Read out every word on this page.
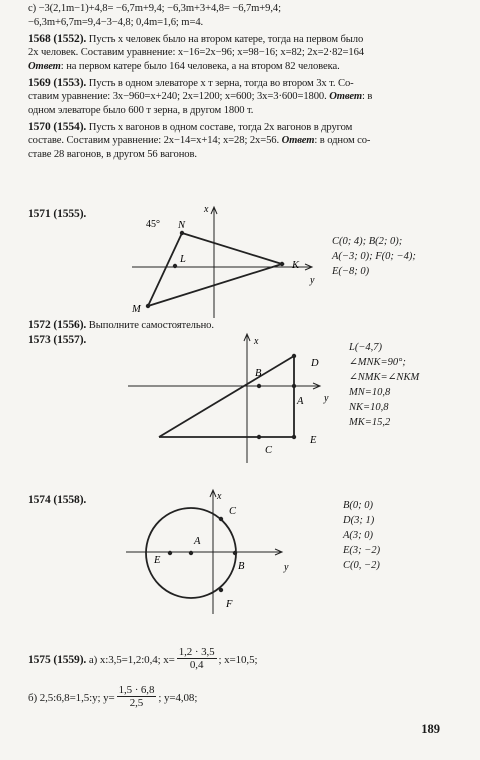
с) −3(2,1m−1)+4,8= −6,7m+9,4; −6,3m+3+4,8= −6,7m+9,4;
−6,3m+6,7m=9,4−3−4,8; 0,4m=1,6; m=4.
1568 (1552). Пусть x человек было на втором катере, тогда на первом было
2x человек. Составим уравнение: x−16=2x−96; x=98−16; x=82; 2x=2·82=164
Ответ: на первом катере было 164 человека, а на втором 82 человека.
1569 (1553). Пусть в одном элеваторе x т зерна, тогда во втором 3x т. Со-
ставим уравнение: 3x−960=x+240; 2x=1200; x=600; 3x=3·600=1800. Ответ: в
одном элеваторе было 600 т зерна, в другом 1800 т.
1570 (1554). Пусть x вагонов в одном составе, тогда 2x вагонов в другом
составе. Составим уравнение: 2x−14=x+14; x=28; 2x=56. Ответ: в одном со-
ставе 28 вагонов, в другом 56 вагонов.
1571 (1555).
45° N
L
K
M
x
y
C(0; 4); B(2; 0);
A(−3; 0); F(0; −4);
E(−8; 0)
1572 (1556). Выполните самостоятельно.
1573 (1557).
D
B
A
C
E
x
y
L(−4,7)
∠MNK=90°;
∠NMK=∠NKM
MN=10,8
NK=10,8
MK=15,2
1574 (1558).
C
A
E
B
F
x
y
B(0; 0)
D(3; 1)
A(3; 0)
E(3; −2)
C(0, −2)
1575 (1559). а) x:3,5=1,2:0,4; $x= \frac{1,2 \cdot 3,5}{0,4}$ ; x=10,5;
б) 2,5:6,8=1,5:y; $y= \frac{1,5 \cdot 6,8}{2,5}$ ; y=4,08;
189
